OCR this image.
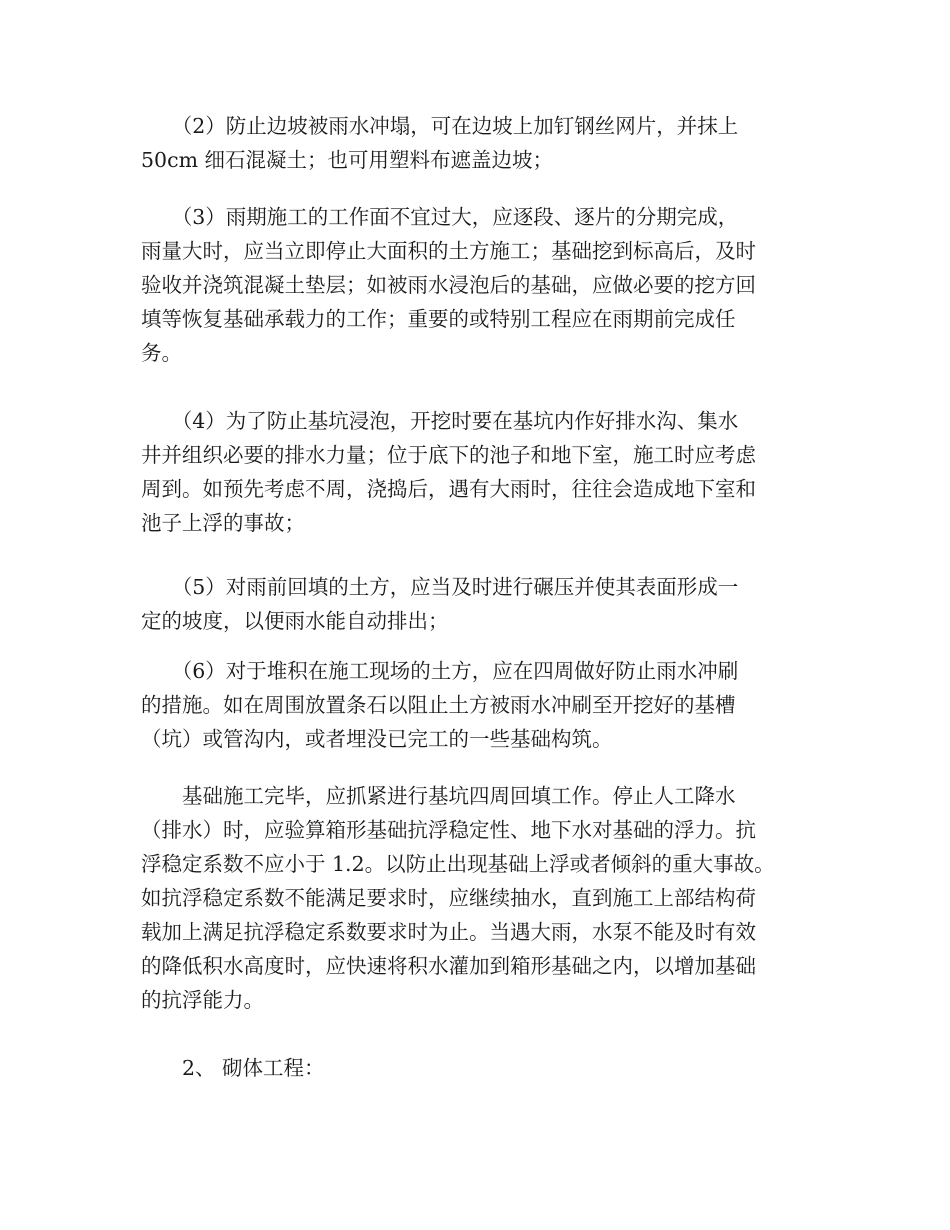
　　（2）防止边坡被雨水冲塌，可在边坡上加钉钢丝网片，并抹上
50cm 细石混凝土；也可用塑料布遮盖边坡；

　　（3）雨期施工的工作面不宜过大，应逐段、逐片的分期完成，
雨量大时，应当立即停止大面积的土方施工；基础挖到标高后，及时
验收并浇筑混凝土垫层；如被雨水浸泡后的基础，应做必要的挖方回
填等恢复基础承载力的工作；重要的或特别工程应在雨期前完成任
务。

　　（4）为了防止基坑浸泡，开挖时要在基坑内作好排水沟、集水
井并组织必要的排水力量；位于底下的池子和地下室，施工时应考虑
周到。如预先考虑不周，浇捣后，遇有大雨时，往往会造成地下室和
池子上浮的事故；

　　（5）对雨前回填的土方，应当及时进行碾压并使其表面形成一
定的坡度，以便雨水能自动排出；

　　（6）对于堆积在施工现场的土方，应在四周做好防止雨水冲刷
的措施。如在周围放置条石以阻止土方被雨水冲刷至开挖好的基槽
（坑）或管沟内，或者埋没已完工的一些基础构筑。

　　基础施工完毕，应抓紧进行基坑四周回填工作。停止人工降水
（排水）时，应验算箱形基础抗浮稳定性、地下水对基础的浮力。抗
浮稳定系数不应小于 1.2。以防止出现基础上浮或者倾斜的重大事故。
如抗浮稳定系数不能满足要求时，应继续抽水，直到施工上部结构荷
载加上满足抗浮稳定系数要求时为止。当遇大雨，水泵不能及时有效
的降低积水高度时，应快速将积水灌加到箱形基础之内，以增加基础
的抗浮能力。

　　2、 砌体工程：
